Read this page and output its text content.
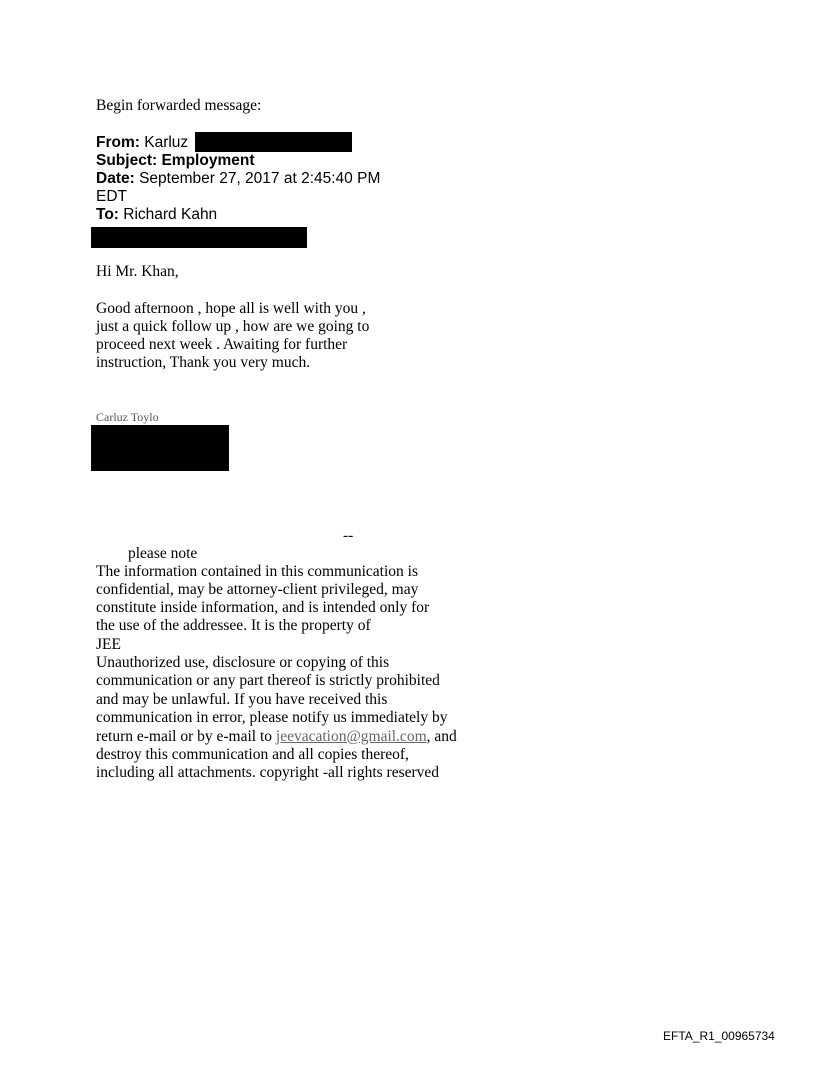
Begin forwarded message:
From: Karluz
Subject: Employment
Date: September 27, 2017 at 2:45:40 PM
EDT
To: Richard Kahn
Hi Mr. Khan,
Good afternoon , hope all is well with you ,
just a quick follow up , how are we going to
proceed next week . Awaiting for further
instruction, Thank you very much.
Carluz Toylo
--
please note
The information contained in this communication is
confidential, may be attorney-client privileged, may
constitute inside information, and is intended only for
the use of the addressee. It is the property of
JEE
Unauthorized use, disclosure or copying of this
communication or any part thereof is strictly prohibited
and may be unlawful. If you have received this
communication in error, please notify us immediately by
return e-mail or by e-mail to jeevacation@gmail.com, and
destroy this communication and all copies thereof,
including all attachments. copyright -all rights reserved
EFTA_R1_00965734
